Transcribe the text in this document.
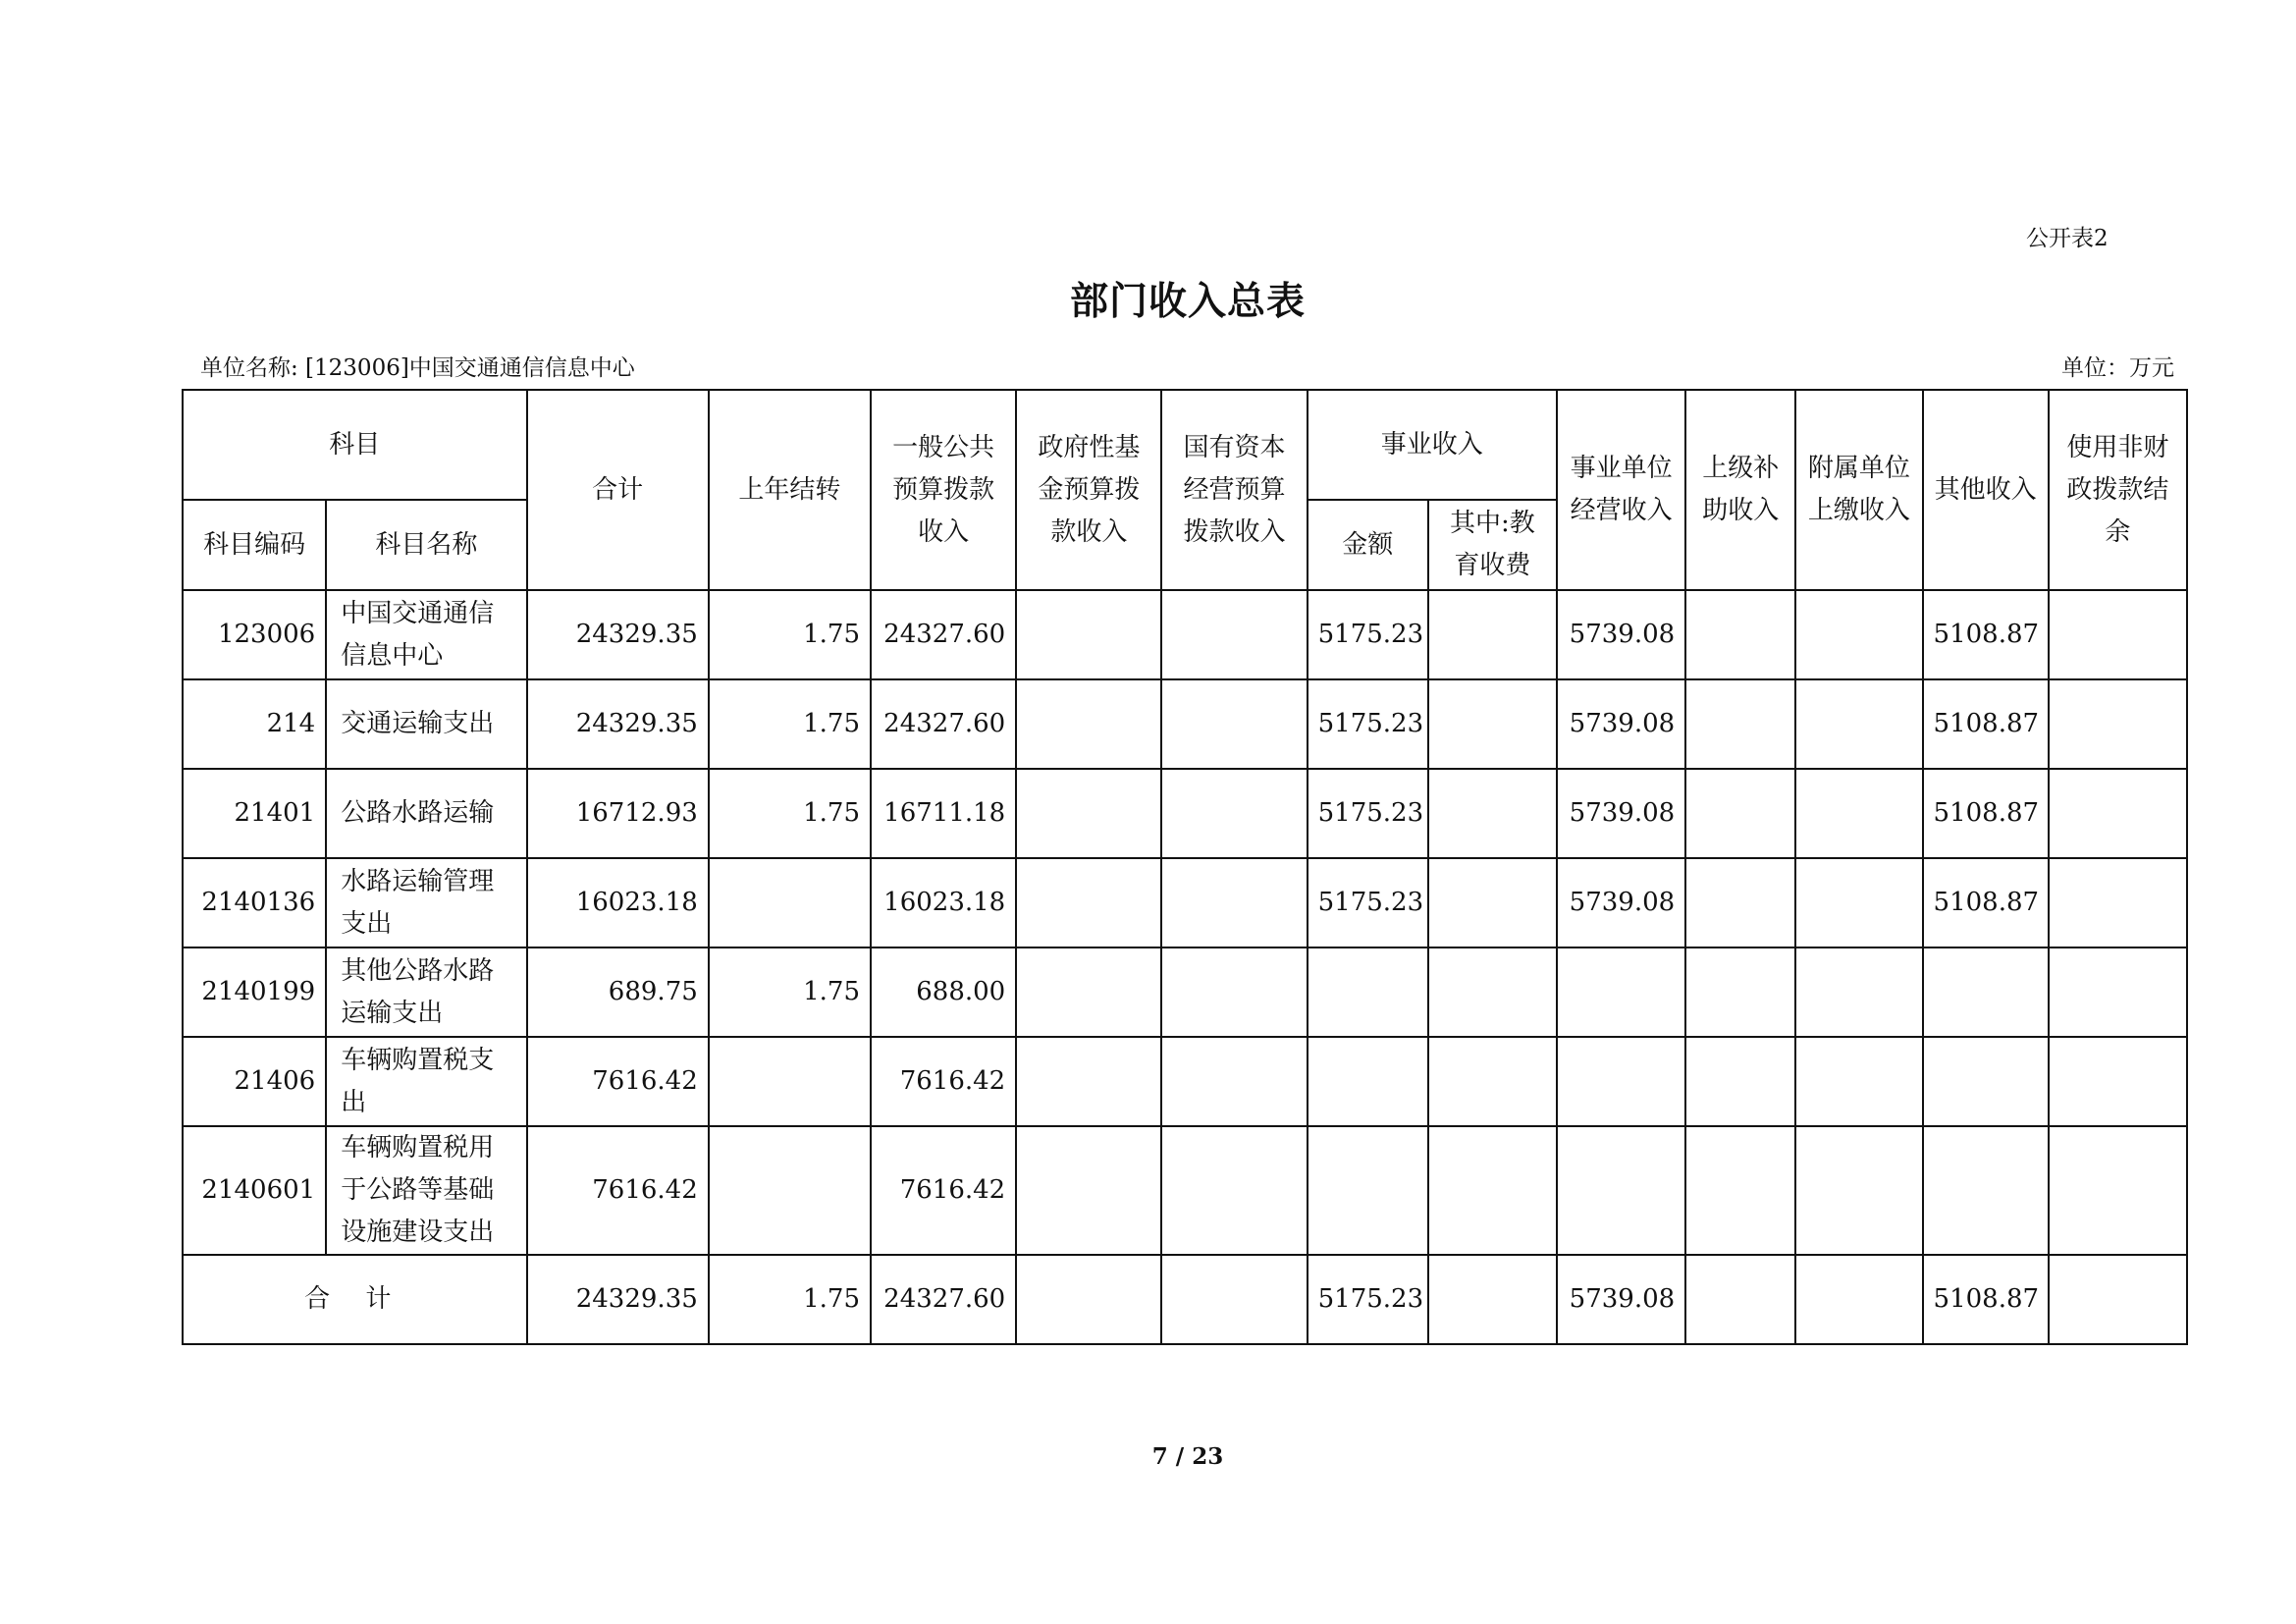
公开表2
部门收入总表
单位名称: [123006]中国交通通信信息中心	单位：万元
科目		合计	上年结转	一般公共预算拨款收入	政府性基金预算拨款收入	国有资本经营预算拨款收入	事业收入		事业单位经营收入	上级补助收入	附属单位上缴收入	其他收入	使用非财政拨款结余
科目编码	科目名称						金额	其中:教育收费					
123006	中国交通通信信息中心	24329.35	1.75	24327.60			5175.23		5739.08			5108.87	
214	交通运输支出	24329.35	1.75	24327.60			5175.23		5739.08			5108.87	
21401	公路水路运输	16712.93	1.75	16711.18			5175.23		5739.08			5108.87	
2140136	水路运输管理支出	16023.18		16023.18			5175.23		5739.08			5108.87	
2140199	其他公路水路运输支出	689.75	1.75	688.00									
21406	车辆购置税支出	7616.42		7616.42									
2140601	车辆购置税用于公路等基础设施建设支出	7616.42		7616.42									
合 计		24329.35	1.75	24327.60			5175.23		5739.08			5108.87	
7 / 23
